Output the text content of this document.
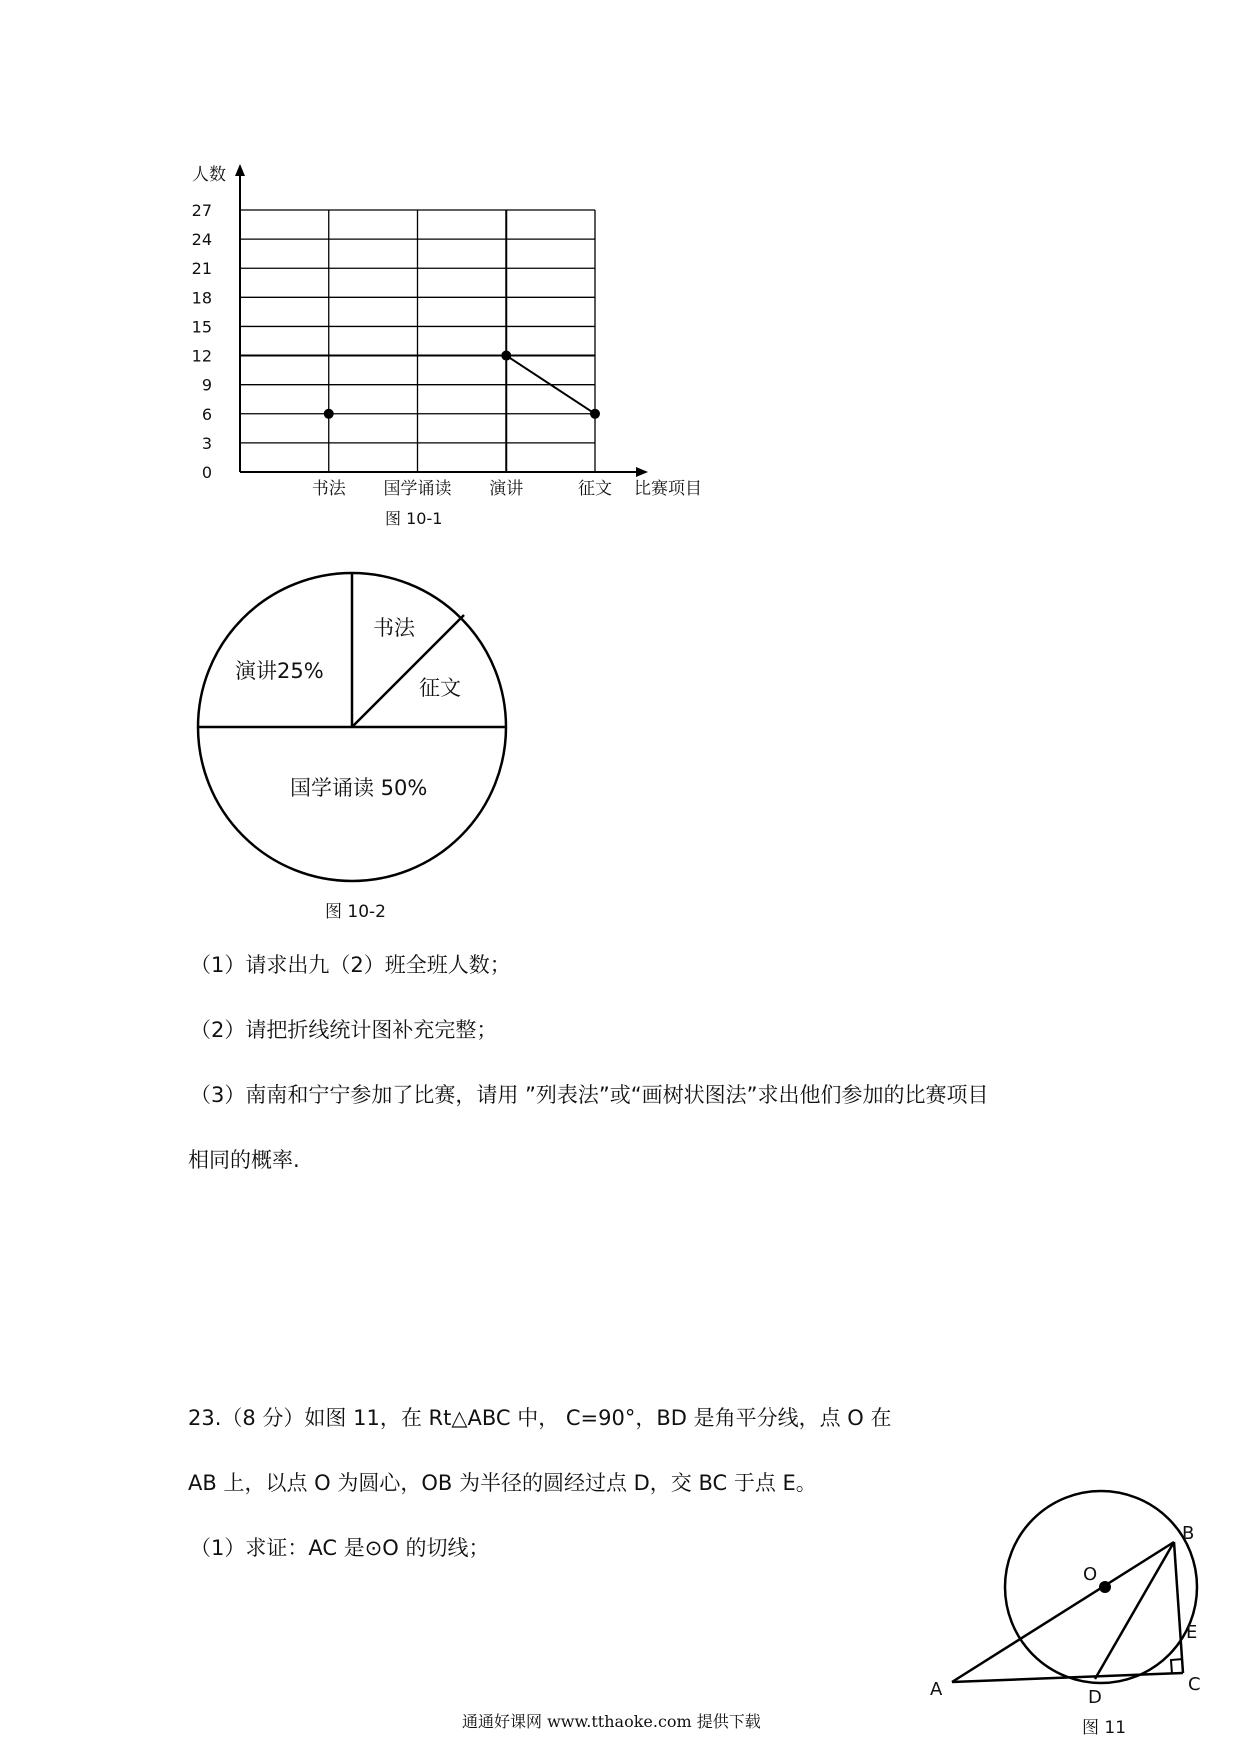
人数
0
3
6
9
12
15
18
21
24
27
书法 国学诵读 演讲	征文 比赛项目
图 10-1
演讲25%
书法
征文
国学诵读 50%
图 10-2
（1）请求出九（2）班全班人数；
（2）请把折线统计图补充完整；
（3）南南和宁宁参加了比赛，请用 ”列表法”或“画树状图法”求出他们参加的比赛项目
相同的概率.
23.（8 分）如图 11，在 Rt△ABC 中， C=90°，BD 是角平分线，点 O 在
AB 上，以点 O 为圆心，OB 为半径的圆经过点 D，交 BC 于点 E。
（1）求证：AC 是⊙O 的切线；
O
B
E
C
D
A
图 11
通通好课网 www.tthaoke.com 提供下载
